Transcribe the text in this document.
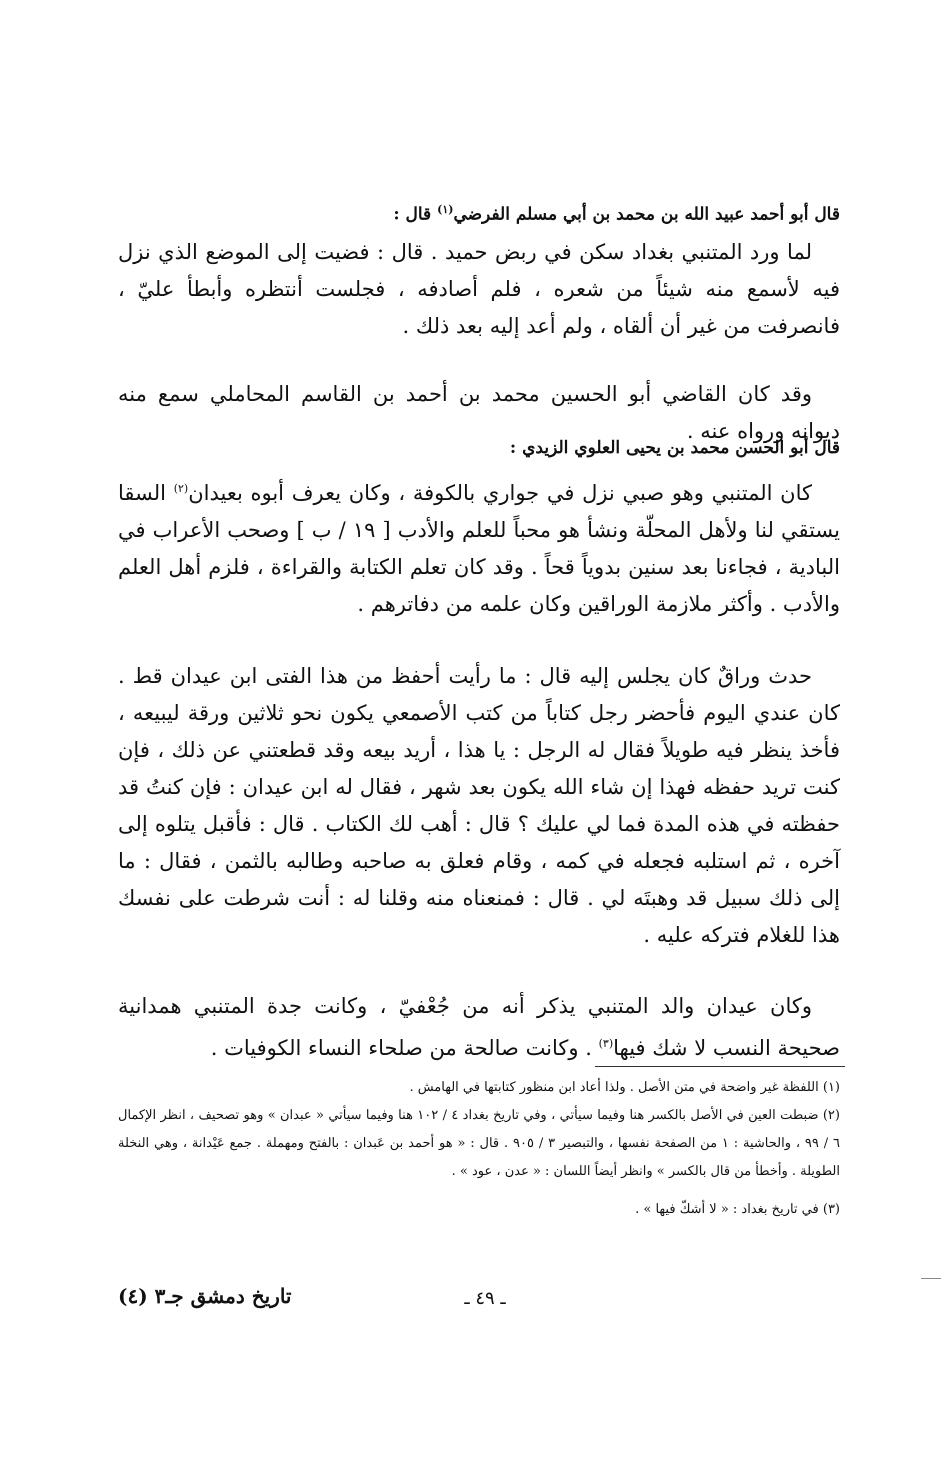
قال أبو أحمد عبيد الله بن محمد بن أبي مسلم الفرضي$^{(١)}$ قال :
لما ورد المتنبي بغداد سكن في ربض حميد . قال : فضيت إلى الموضع الذي نزل فيه لأسمع منه شيئاً من شعره ، فلم أصادفه ، فجلست أنتظره وأبطأ عليّ ، فانصرفت من غير أن ألقاه ، ولم أعد إليه بعد ذلك .
وقد كان القاضي أبو الحسين محمد بن أحمد بن القاسم المحاملي سمع منه ديوانه ورواه عنه .
قال أبو الحسن محمد بن يحيى العلوي الزيدي :
كان المتنبي وهو صبي نزل في جواري بالكوفة ، وكان يعرف أبوه بعيدان$^{(٢)}$ السقا يستقي لنا ولأهل المحلّة ونشأ هو محباً للعلم والأدب [ ١٩ / ب ] وصحب الأعراب في البادية ، فجاءنا بعد سنين بدوياً قحاً . وقد كان تعلم الكتابة والقراءة ، فلزم أهل العلم والأدب . وأكثر ملازمة الوراقين وكان علمه من دفاترهم .
حدث وراقٌ كان يجلس إليه قال : ما رأيت أحفظ من هذا الفتى ابن عيدان قط . كان عندي اليوم فأحضر رجل كتاباً من كتب الأصمعي يكون نحو ثلاثين ورقة ليبيعه ، فأخذ ينظر فيه طويلاً فقال له الرجل : يا هذا ، أريد بيعه وقد قطعتني عن ذلك ، فإن كنت تريد حفظه فهذا إن شاء الله يكون بعد شهر ، فقال له ابن عيدان : فإن كنتُ قد حفظته في هذه المدة فما لي عليك ؟ قال : أهب لك الكتاب . قال : فأقبل يتلوه إلى آخره ، ثم استلبه فجعله في كمه ، وقام فعلق به صاحبه وطالبه بالثمن ، فقال : ما إلى ذلك سبيل قد وهبتَه لي . قال : فمنعناه منه وقلنا له : أنت شرطت على نفسك هذا للغلام فتركه عليه .
وكان عيدان والد المتنبي يذكر أنه من جُعْفيّ ، وكانت جدة المتنبي همدانية صحيحة النسب لا شك فيها$^{(٣)}$ . وكانت صالحة من صلحاء النساء الكوفيات .

(١) اللفظة غير واضحة في متن الأصل . ولذا أعاد ابن منظور كتابتها في الهامش .

(٢) ضبطت العين في الأصل بالكسر هنا وفيما سيأتي ، وفي تاريخ بغداد ٤ / ١٠٢ هنا وفيما سيأتي « عبدان » وهو تصحيف ، انظر الإكمال ٦ / ٩٩ ، والحاشية : ١ من الصفحة نفسها ، والتبصير ٣ / ٩٠٥ . قال : « هو أحمد بن عَبدان : بالفتح ومهملة . جمع عَيْدانة ، وهي النخلة الطويلة . وأخطأ من قال بالكسر » وانظر أيضاً اللسان : « عدن ، عود » .

(٣) في تاريخ بغداد : « لا أشكّ فيها » .

ـ ٤٩ ـ
تاريخ دمشق جـ٣ (٤)
